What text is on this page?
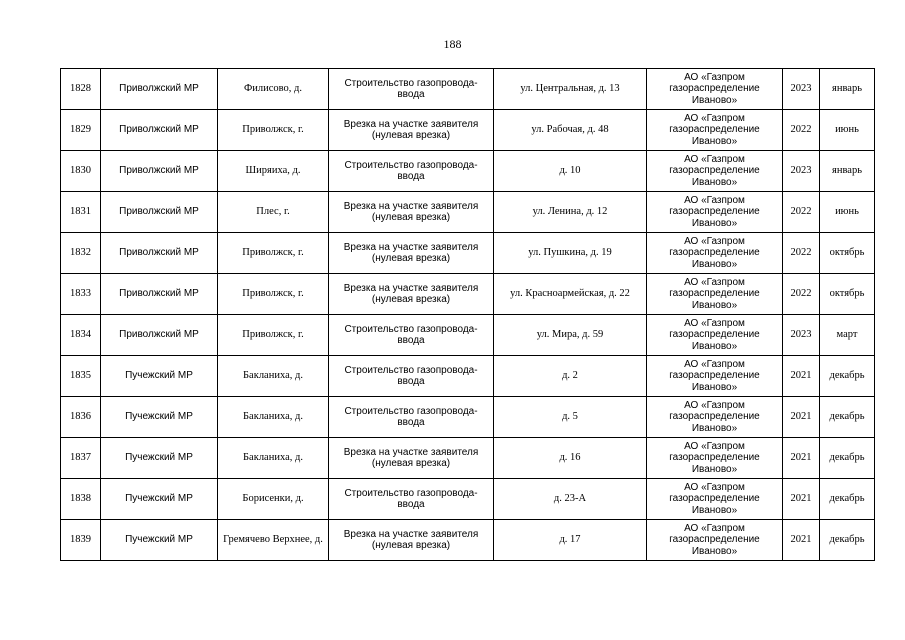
188
1828	Приволжский МР	Филисово, д.	Строительство газопровода-ввода	ул. Центральная, д. 13	АО «Газпром газораспределение Иваново»	2023	январь
1829	Приволжский МР	Приволжск, г.	Врезка на участке заявителя (нулевая врезка)	ул. Рабочая, д. 48	АО «Газпром газораспределение Иваново»	2022	июнь
1830	Приволжский МР	Ширяиха, д.	Строительство газопровода-ввода	д. 10	АО «Газпром газораспределение Иваново»	2023	январь
1831	Приволжский МР	Плес, г.	Врезка на участке заявителя (нулевая врезка)	ул. Ленина, д. 12	АО «Газпром газораспределение Иваново»	2022	июнь
1832	Приволжский МР	Приволжск, г.	Врезка на участке заявителя (нулевая врезка)	ул. Пушкина, д. 19	АО «Газпром газораспределение Иваново»	2022	октябрь
1833	Приволжский МР	Приволжск, г.	Врезка на участке заявителя (нулевая врезка)	ул. Красноармейская, д. 22	АО «Газпром газораспределение Иваново»	2022	октябрь
1834	Приволжский МР	Приволжск, г.	Строительство газопровода-ввода	ул. Мира, д. 59	АО «Газпром газораспределение Иваново»	2023	март
1835	Пучежский МР	Бакланиха, д.	Строительство газопровода-ввода	д. 2	АО «Газпром газораспределение Иваново»	2021	декабрь
1836	Пучежский МР	Бакланиха, д.	Строительство газопровода-ввода	д. 5	АО «Газпром газораспределение Иваново»	2021	декабрь
1837	Пучежский МР	Бакланиха, д.	Врезка на участке заявителя (нулевая врезка)	д. 16	АО «Газпром газораспределение Иваново»	2021	декабрь
1838	Пучежский МР	Борисенки, д.	Строительство газопровода-ввода	д. 23-А	АО «Газпром газораспределение Иваново»	2021	декабрь
1839	Пучежский МР	Гремячево Верхнее, д.	Врезка на участке заявителя (нулевая врезка)	д. 17	АО «Газпром газораспределение Иваново»	2021	декабрь
